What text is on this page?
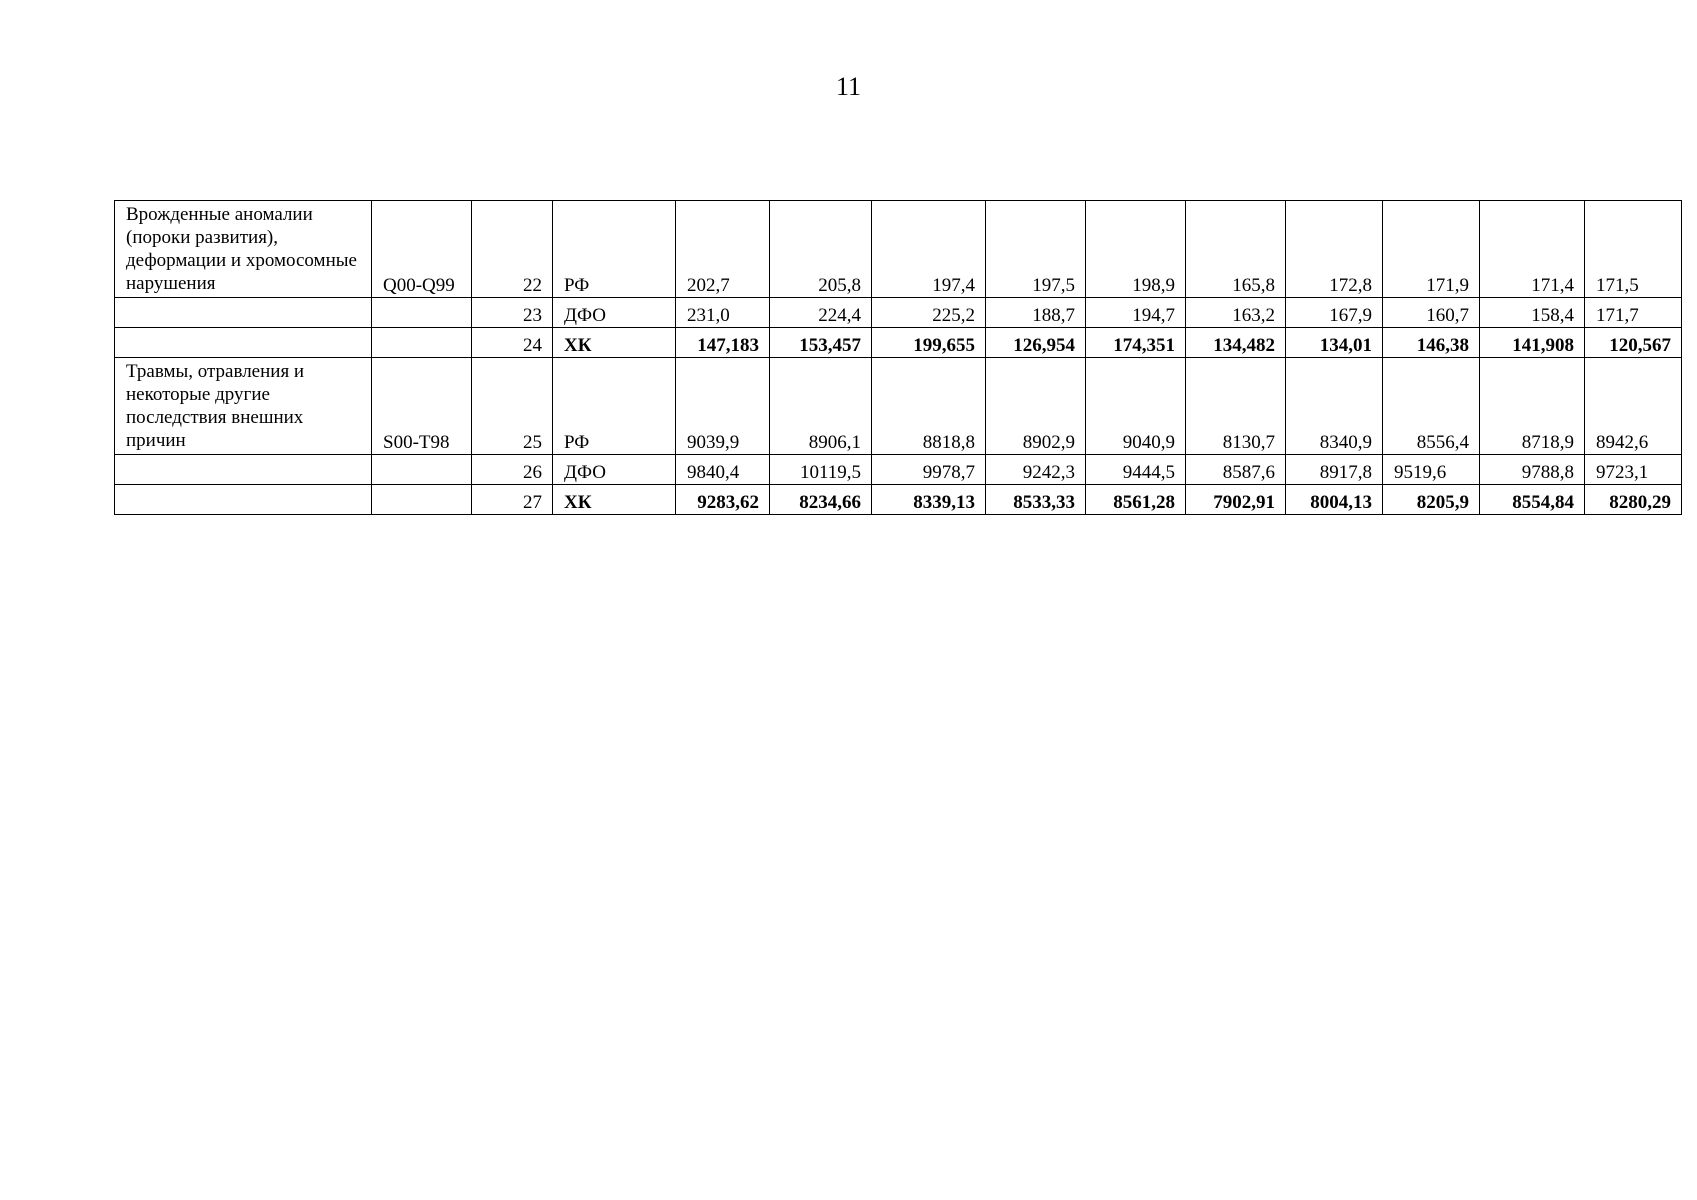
11
Врожденные аномалии (пороки развития), деформации и хромосомные нарушения	Q00-Q99	22	РФ	202,7	205,8	197,4	197,5	198,9	165,8	172,8	171,9	171,4	171,5
		23	ДФО	231,0	224,4	225,2	188,7	194,7	163,2	167,9	160,7	158,4	171,7
		24	ХК	147,183	153,457	199,655	126,954	174,351	134,482	134,01	146,38	141,908	120,567

Травмы, отравления и некоторые другие последствия внешних причин	S00-T98	25	РФ	9039,9	8906,1	8818,8	8902,9	9040,9	8130,7	8340,9	8556,4	8718,9	8942,6
		26	ДФО	9840,4	10119,5	9978,7	9242,3	9444,5	8587,6	8917,8	9519,6	9788,8	9723,1
		27	ХК	9283,62	8234,66	8339,13	8533,33	8561,28	7902,91	8004,13	8205,9	8554,84	8280,29
